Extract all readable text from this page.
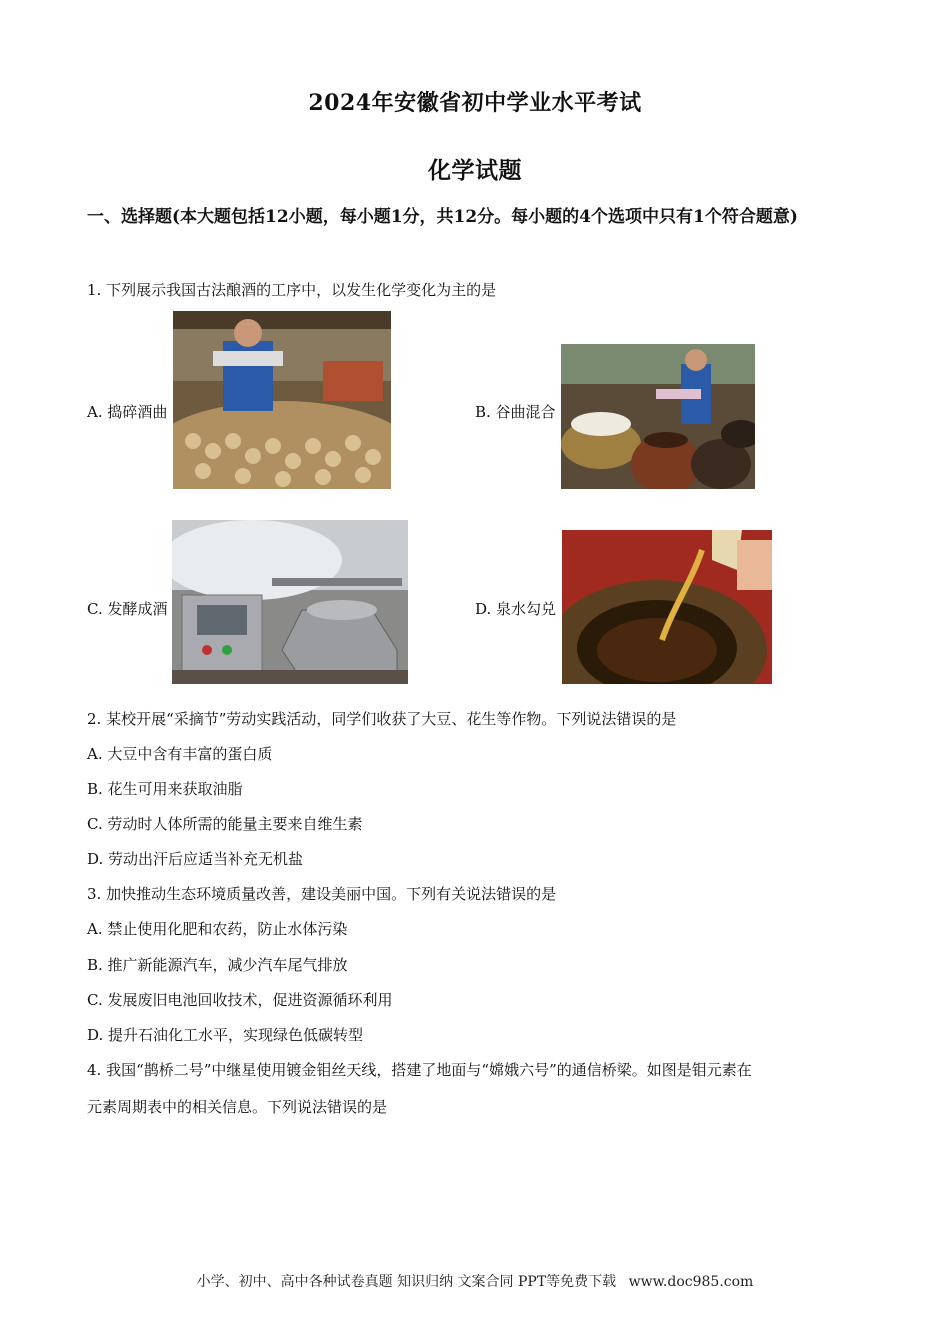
2024年安徽省初中学业水平考试
化学试题
一、选择题(本大题包括12小题，每小题1分，共12分。每小题的4个选项中只有1个符合题意)
1. 下列展示我国古法酿酒的工序中，以发生化学变化为主的是
A. 捣碎酒曲	B. 谷曲混合
C. 发酵成酒	D. 泉水勾兑
2. 某校开展“采摘节”劳动实践活动，同学们收获了大豆、花生等作物。下列说法错误的是
A. 大豆中含有丰富的蛋白质
B. 花生可用来获取油脂
C. 劳动时人体所需的能量主要来自维生素
D. 劳动出汗后应适当补充无机盐
3. 加快推动生态环境质量改善，建设美丽中国。下列有关说法错误的是
A. 禁止使用化肥和农药，防止水体污染
B. 推广新能源汽车，减少汽车尾气排放
C. 发展废旧电池回收技术，促进资源循环利用
D. 提升石油化工水平，实现绿色低碳转型
4. 我国“鹊桥二号”中继星使用镀金钼丝天线，搭建了地面与“嫦娥六号”的通信桥梁。如图是钼元素在
元素周期表中的相关信息。下列说法错误的是
小学、初中、高中各种试卷真题 知识归纳 文案合同 PPT等免费下载 www.doc985.com
